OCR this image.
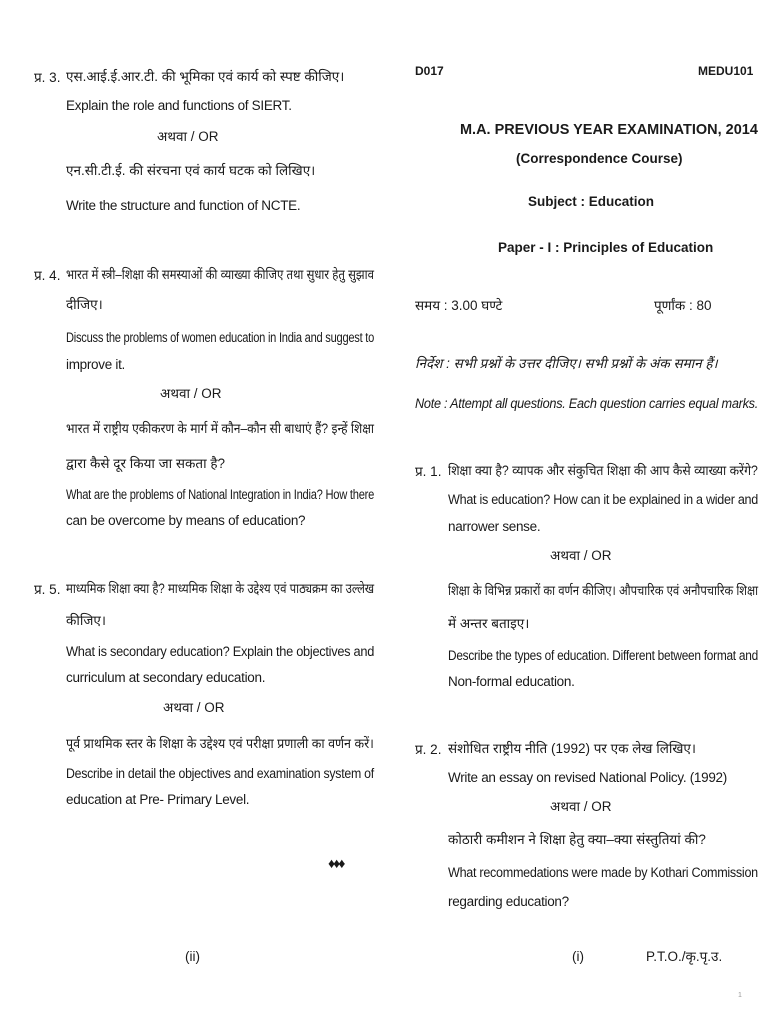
प्र. 3. एस.आई.ई.आर.टी. की भूमिका एवं कार्य को स्पष्ट कीजिए।
Explain the role and functions of SIERT.
अथवा / OR
एन.सी.टी.ई. की संरचना एवं कार्य घटक को लिखिए।
Write the structure and function of NCTE.
प्र. 4. भारत में स्त्री–शिक्षा की समस्याओं की व्याख्या कीजिए तथा सुधार हेतु सुझाव
दीजिए।
Discuss the problems of women education in India and suggest to
improve it.
अथवा / OR
भारत में राष्ट्रीय एकीकरण के मार्ग में कौन–कौन सी बाधाएं हैं? इन्हें शिक्षा
द्वारा कैसे दूर किया जा सकता है?
What are the problems of National Integration in India? How there
can be overcome by means of education?
प्र. 5. माध्यमिक शिक्षा क्या है? माध्यमिक शिक्षा के उद्देश्य एवं पाठ्यक्रम का उल्लेख
कीजिए।
What is secondary education? Explain the objectives and
curriculum at secondary education.
अथवा / OR
पूर्व प्राथमिक स्तर के शिक्षा के उद्देश्य एवं परीक्षा प्रणाली का वर्णन करें।
Describe in detail the objectives and examination system of
education at Pre- Primary Level.
♦♦♦
(ii)
D017	MEDU101
M.A. PREVIOUS YEAR EXAMINATION, 2014
(Correspondence Course)
Subject : Education
Paper - I : Principles of Education
समय : 3.00 घण्टे	पूर्णांक : 80
निर्देश : सभी प्रश्नों के उत्तर दीजिए। सभी प्रश्नों के अंक समान हैं।
Note : Attempt all questions. Each question carries equal marks.
प्र. 1. शिक्षा क्या है? व्यापक और संकुचित शिक्षा की आप कैसे व्याख्या करेंगे?
What is education? How can it be explained in a wider and
narrower sense.
अथवा / OR
शिक्षा के विभिन्न प्रकारों का वर्णन कीजिए। औपचारिक एवं अनौपचारिक शिक्षा
में अन्तर बताइए।
Describe the types of education. Different between format and
Non-formal education.
प्र. 2. संशोधित राष्ट्रीय नीति (1992) पर एक लेख लिखिए।
Write an essay on revised National Policy. (1992)
अथवा / OR
कोठारी कमीशन ने शिक्षा हेतु क्या–क्या संस्तुतियां की?
What recommedations were made by Kothari Commission
regarding education?
(i)	P.T.O./कृ.पृ.उ.
1
